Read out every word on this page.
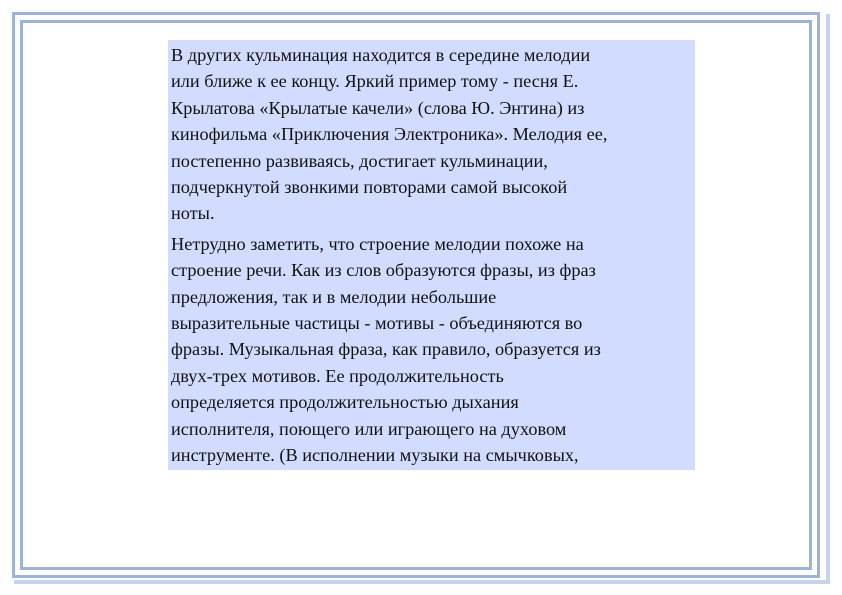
В других кульминация находится в середине мелодии
или ближе к ее концу. Яркий пример тому - песня Е.
Крылатова «Крылатые качели» (слова Ю. Энтина) из
кинофильма «Приключения Электроника». Мелодия ее,
постепенно развиваясь, достигает кульминации,
подчеркнутой звонкими повторами самой высокой
ноты.

Нетрудно заметить, что строение мелодии похоже на
строение речи. Как из слов образуются фразы, из фраз
предложения, так и в мелодии небольшие
выразительные частицы - мотивы - объединяются во
фразы. Музыкальная фраза, как правило, образуется из
двух-трех мотивов. Ее продолжительность
определяется продолжительностью дыхания
исполнителя, поющего или играющего на духовом
инструменте. (В исполнении музыки на смычковых,
